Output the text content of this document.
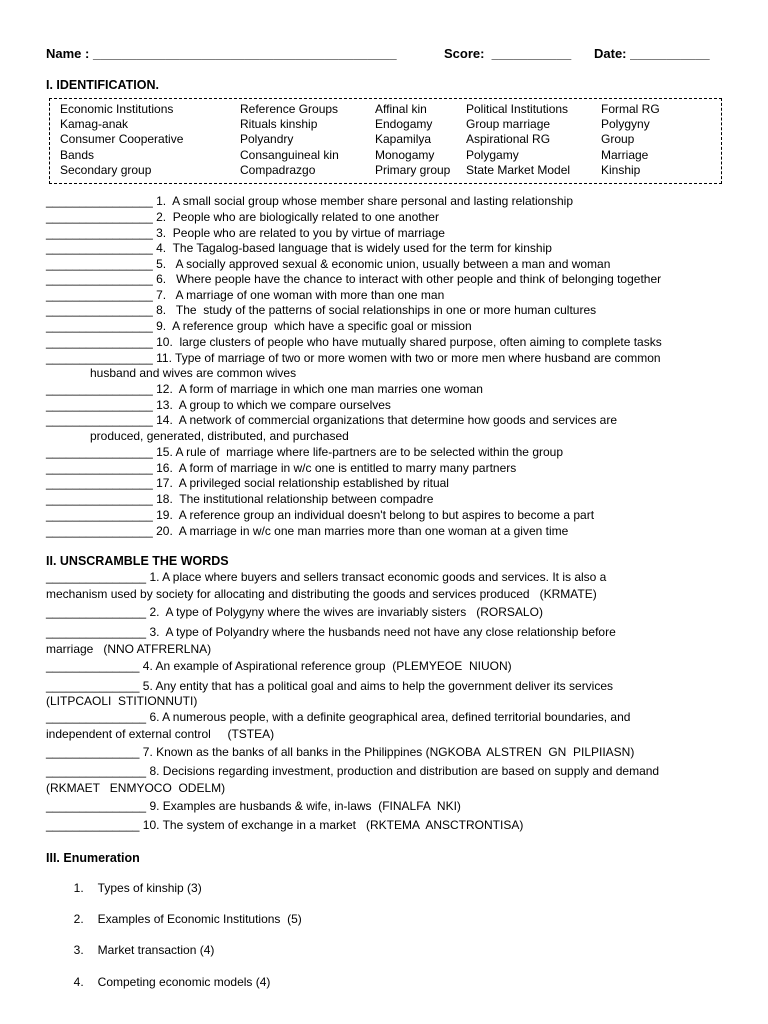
Name : __________________________________________	Score:  ___________ Date: ___________
I. IDENTIFICATION.
Economic Institutions
Kamag-anak
Consumer Cooperative
Bands
Secondary group
Reference Groups
Rituals kinship
Polyandry
Consanguineal kin
Compadrazgo
Affinal kin
Endogamy
Kapamilya
Monogamy
Primary group
Political Institutions
Group marriage
Aspirational RG
Polygamy
State Market Model
Formal RG
Polygyny
Group
Marriage
Kinship
________________ 1.  A small social group whose member share personal and lasting relationship
________________ 2.  People who are biologically related to one another
________________ 3.  People who are related to you by virtue of marriage
________________ 4.  The Tagalog-based language that is widely used for the term for kinship
________________ 5.   A socially approved sexual & economic union, usually between a man and woman
________________ 6.   Where people have the chance to interact with other people and think of belonging together
________________ 7.   A marriage of one woman with more than one man
________________ 8.   The  study of the patterns of social relationships in one or more human cultures
________________ 9.  A reference group  which have a specific goal or mission
________________ 10.  large clusters of people who have mutually shared purpose, often aiming to complete tasks
________________ 11. Type of marriage of two or more women with two or more men where husband are common
husband and wives are common wives
________________ 12.  A form of marriage in which one man marries one woman
________________ 13.  A group to which we compare ourselves
________________ 14.  A network of commercial organizations that determine how goods and services are
produced, generated, distributed, and purchased
________________ 15. A rule of  marriage where life-partners are to be selected within the group
________________ 16.  A form of marriage in w/c one is entitled to marry many partners
________________ 17.  A privileged social relationship established by ritual
________________ 18.  The institutional relationship between compadre
________________ 19.  A reference group an individual doesn't belong to but aspires to become a part
________________ 20.  A marriage in w/c one man marries more than one woman at a given time
II. UNSCRAMBLE THE WORDS
_______________ 1. A place where buyers and sellers transact economic goods and services. It is also a
mechanism used by society for allocating and distributing the goods and services produced   (KRMATE)
_______________ 2.  A type of Polygyny where the wives are invariably sisters   (RORSALO)
_______________ 3.  A type of Polyandry where the husbands need not have any close relationship before
marriage   (NNO ATFRERLNA)
______________ 4. An example of Aspirational reference group  (PLEMYEOE  NIUON)
______________ 5. Any entity that has a political goal and aims to help the government deliver its services
(LITPCAOLI  STITIONNUTI)
_______________ 6. A numerous people, with a definite geographical area, defined territorial boundaries, and
independent of external control     (TSTEA)
______________ 7. Known as the banks of all banks in the Philippines (NGKOBA  ALSTREN  GN  PILPIIASN)
_______________ 8. Decisions regarding investment, production and distribution are based on supply and demand
(RKMAET   ENMYOCO  ODELM)
_______________ 9. Examples are husbands & wife, in-laws  (FINALFA  NKI)
______________ 10. The system of exchange in a market   (RKTEMA  ANSCTRONTISA)
III. Enumeration

1. Types of kinship (3)

2. Examples of Economic Institutions  (5)

3. Market transaction (4)

4. Competing economic models (4)
